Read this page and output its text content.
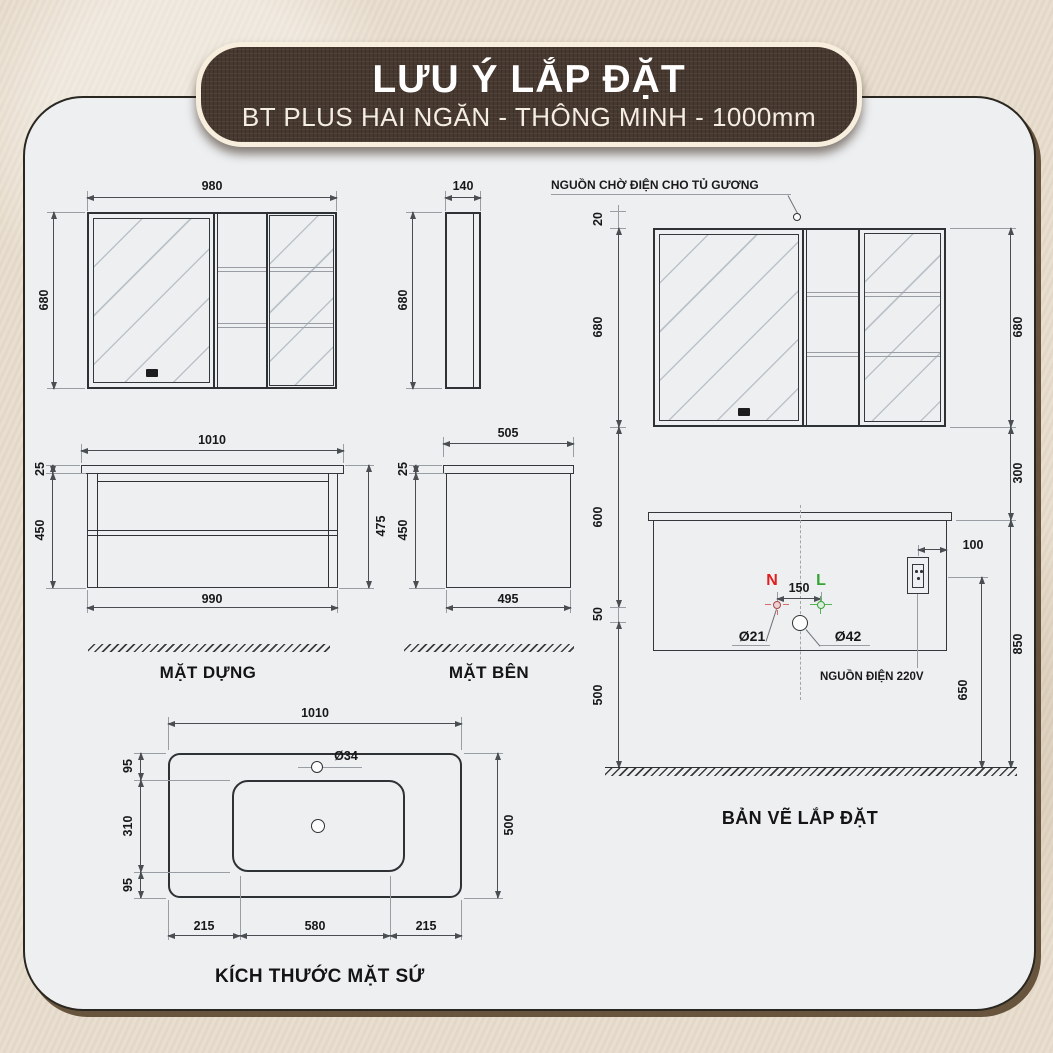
LƯU Ý LẮP ĐẶT
BT PLUS HAI NGĂN - THÔNG MINH - 1000mm
980
680
140
680
1010
25
450	475
990
MẶT DỰNG
505
25
450
495
MẶT BÊN
1010
Ø34
95
310
95
500
215	580	215
KÍCH THƯỚC MẶT SỨ
NGUỒN CHỜ ĐIỆN CHO TỦ GƯƠNG
20
680
600
50
500
680
300
850
650
N	L
150
Ø21	Ø42
100
NGUỒN ĐIỆN 220V
BẢN VẼ LẮP ĐẶT
